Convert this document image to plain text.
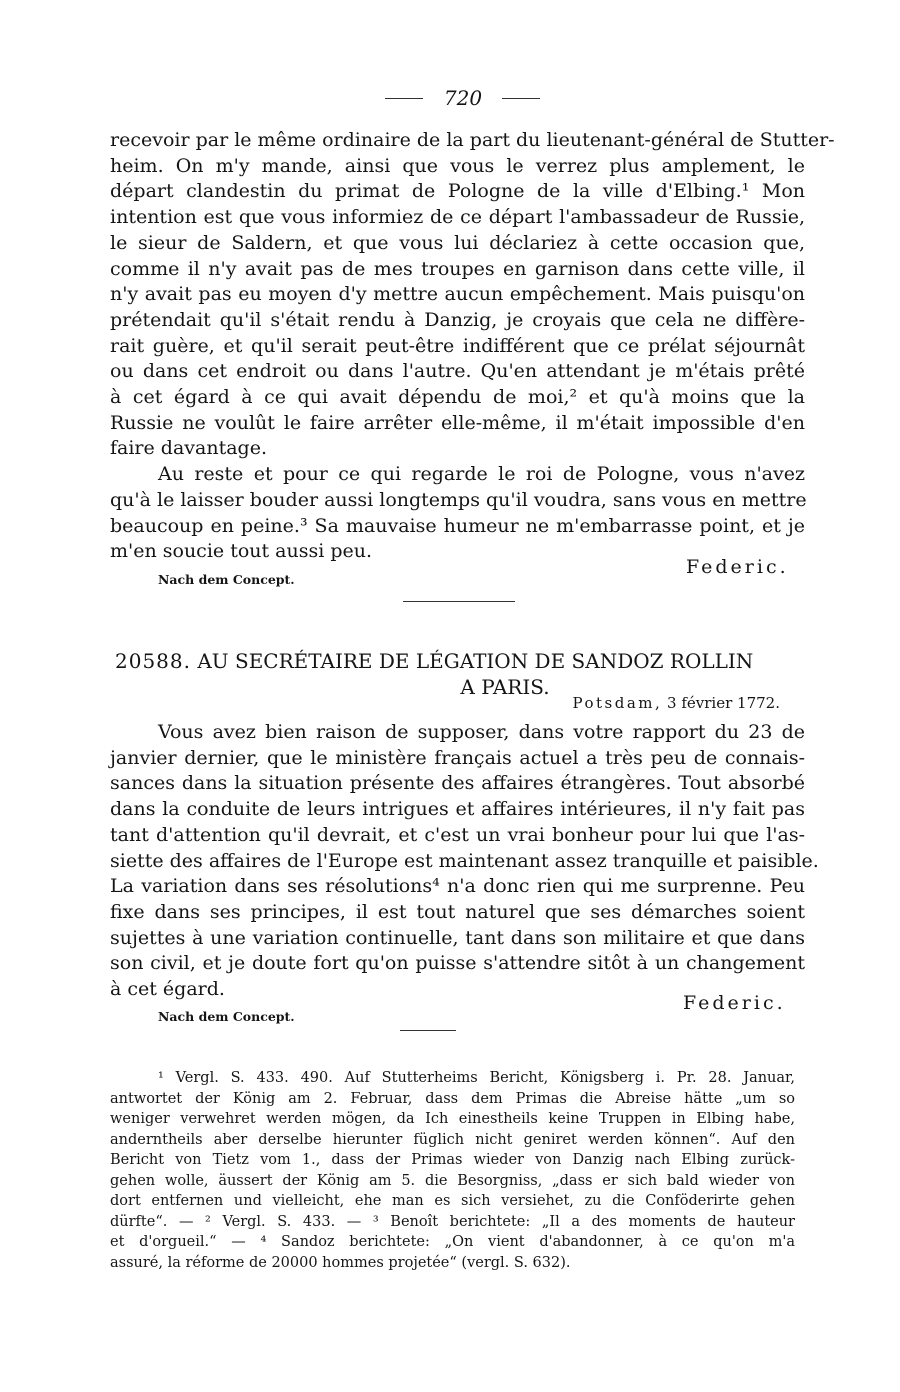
720
recevoir par le même ordinaire de la part du lieutenant-général de Stutter-
heim. On m'y mande, ainsi que vous le verrez plus amplement, le
départ clandestin du primat de Pologne de la ville d'Elbing.¹ Mon
intention est que vous informiez de ce départ l'ambassadeur de Russie,
le sieur de Saldern, et que vous lui déclariez à cette occasion que,
comme il n'y avait pas de mes troupes en garnison dans cette ville, il
n'y avait pas eu moyen d'y mettre aucun empêchement. Mais puisqu'on
prétendait qu'il s'était rendu à Danzig, je croyais que cela ne diffère-
rait guère, et qu'il serait peut-être indifférent que ce prélat séjournât
ou dans cet endroit ou dans l'autre. Qu'en attendant je m'étais prêté
à cet égard à ce qui avait dépendu de moi,² et qu'à moins que la
Russie ne voulût le faire arrêter elle-même, il m'était impossible d'en
faire davantage.
Au reste et pour ce qui regarde le roi de Pologne, vous n'avez
qu'à le laisser bouder aussi longtemps qu'il voudra, sans vous en mettre
beaucoup en peine.³ Sa mauvaise humeur ne m'embarrasse point, et je
m'en soucie tout aussi peu.
Federic.
Nach dem Concept.
20588. AU SECRÉTAIRE DE LÉGATION DE SANDOZ ROLLIN
A PARIS.
Potsdam, 3 février 1772.
Vous avez bien raison de supposer, dans votre rapport du 23 de
janvier dernier, que le ministère français actuel a très peu de connais-
sances dans la situation présente des affaires étrangères. Tout absorbé
dans la conduite de leurs intrigues et affaires intérieures, il n'y fait pas
tant d'attention qu'il devrait, et c'est un vrai bonheur pour lui que l'as-
siette des affaires de l'Europe est maintenant assez tranquille et paisible.
La variation dans ses résolutions⁴ n'a donc rien qui me surprenne. Peu
fixe dans ses principes, il est tout naturel que ses démarches soient
sujettes à une variation continuelle, tant dans son militaire et que dans
son civil, et je doute fort qu'on puisse s'attendre sitôt à un changement
à cet égard.
Federic.
Nach dem Concept.
¹ Vergl. S. 433. 490. Auf Stutterheims Bericht, Königsberg i. Pr. 28. Januar,
antwortet der König am 2. Februar, dass dem Primas die Abreise hätte „um so
weniger verwehret werden mögen, da Ich einestheils keine Truppen in Elbing habe,
anderntheils aber derselbe hierunter füglich nicht geniret werden können“. Auf den
Bericht von Tietz vom 1., dass der Primas wieder von Danzig nach Elbing zurück-
gehen wolle, äussert der König am 5. die Besorgniss, „dass er sich bald wieder von
dort entfernen und vielleicht, ehe man es sich versiehet, zu die Conföderirte gehen
dürfte“. — ² Vergl. S. 433. — ³ Benoît berichtete: „Il a des moments de hauteur
et d'orgueil.“ — ⁴ Sandoz berichtete: „On vient d'abandonner, à ce qu'on m'a
assuré, la réforme de 20000 hommes projetée“ (vergl. S. 632).
